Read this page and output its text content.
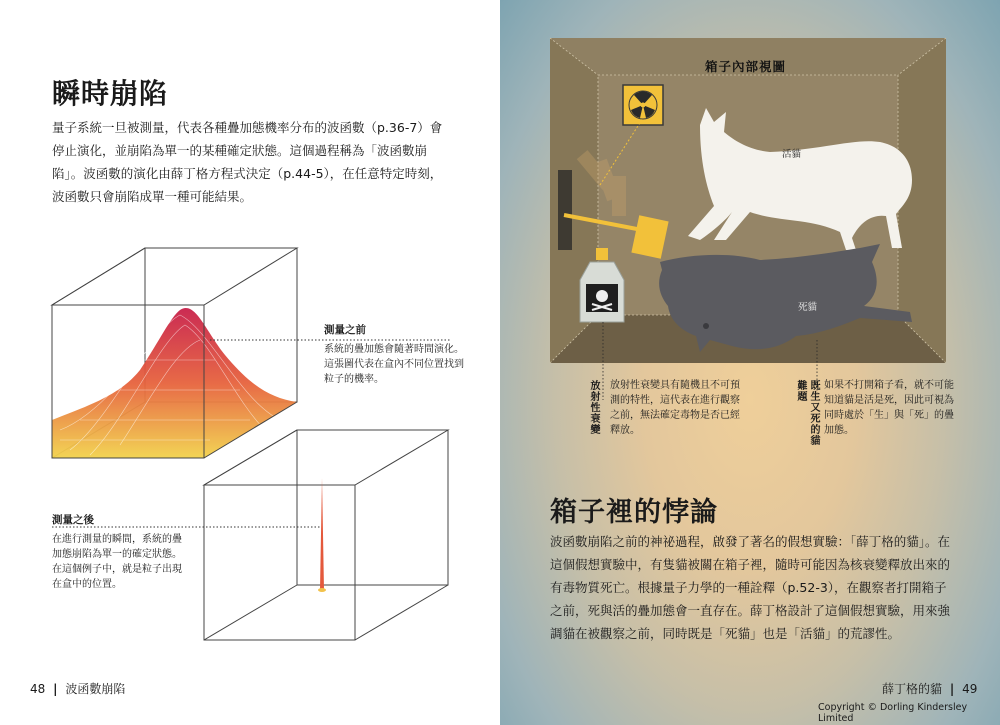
瞬時崩陷
量子系統一旦被測量，代表各種疊加態機率分布的波函數（p.36-7）會停止演化，並崩陷為單一的某種確定狀態。這個過程稱為「波函數崩陷」。波函數的演化由薛丁格方程式決定（p.44-5），在任意特定時刻，波函數只會崩陷成單一種可能結果。
測量之前
系統的疊加態會隨著時間演化。這張圖代表在盒內不同位置找到粒子的機率。
測量之後
在進行測量的瞬間，系統的疊加態崩陷為單一的確定狀態。在這個例子中，就是粒子出現在盒中的位置。
48 | 波函數崩陷
箱子內部視圖
活貓
死貓
放射性衰變 放射性衰變具有隨機且不可預測的特性，這代表在進行觀察之前，無法確定毒物是否已經釋放。	既生又死的貓難題	如果不打開箱子看，就不可能知道貓是活是死，因此可視為同時處於「生」與「死」的疊加態。
箱子裡的悖論
波函數崩陷之前的神祕過程，啟發了著名的假想實驗：「薛丁格的貓」。在這個假想實驗中，有隻貓被關在箱子裡，隨時可能因為核衰變釋放出來的有毒物質死亡。根據量子力學的一種詮釋（p.52-3），在觀察者打開箱子之前，死與活的疊加態會一直存在。薛丁格設計了這個假想實驗，用來強調貓在被觀察之前，同時既是「死貓」也是「活貓」的荒謬性。
薛丁格的貓 | 49
Copyright © Dorling Kindersley Limited
